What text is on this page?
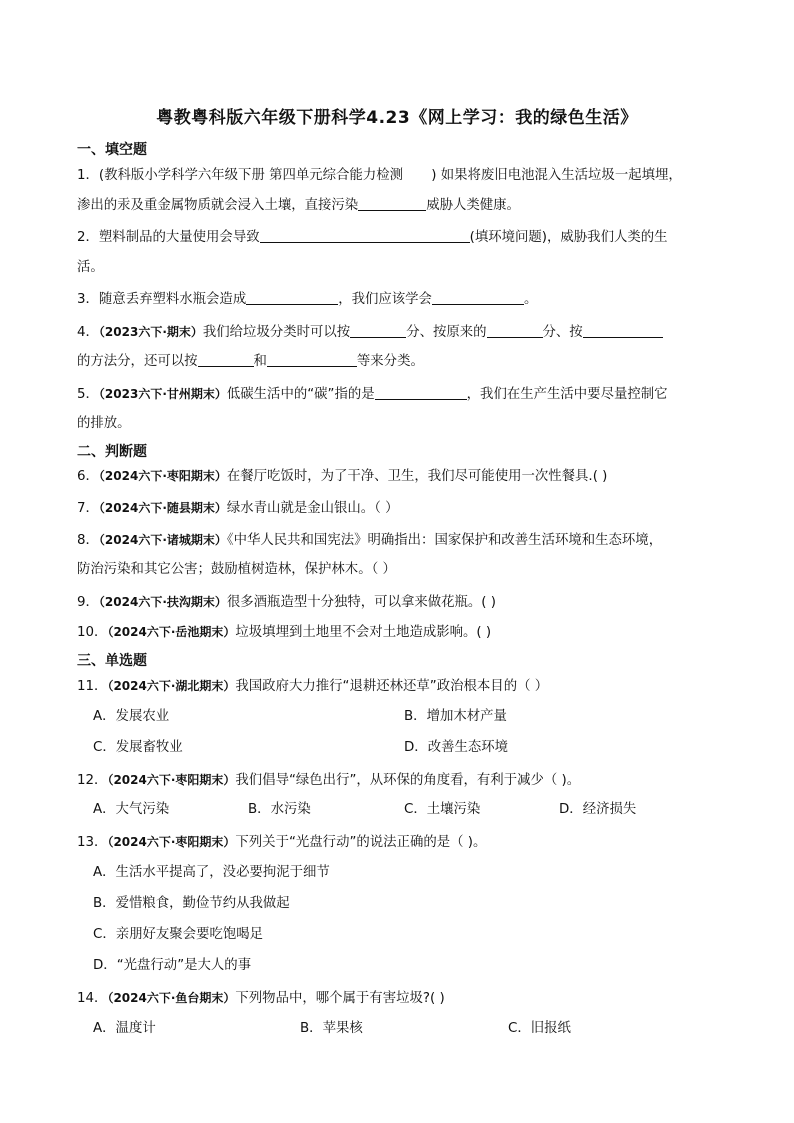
粤教粤科版六年级下册科学4.23《网上学习：我的绿色生活》
一、填空题
1．(教科版小学科学六年级下册 第四单元综合能力检测 ) 如果将废旧电池混入生活垃圾一起填埋，
渗出的汞及重金属物质就会浸入土壤，直接污染	威胁人类健康。
2．塑料制品的大量使用会导致	(填环境问题)，威胁我们人类的生
活。
3．随意丢弃塑料水瓶会造成	，我们应该学会	。
4．（2023六下·期末）我们给垃圾分类时可以按	分、按原来的	分、按
的方法分，还可以按	和	等来分类。
5．（2023六下·甘州期末）低碳生活中的“碳”指的是	，我们在生产生活中要尽量控制它
的排放。
二、判断题
6．（2024六下·枣阳期末）在餐厅吃饭时，为了干净、卫生，我们尽可能使用一次性餐具.( )
7．（2024六下·随县期末）绿水青山就是金山银山。（ ）
8．（2024六下·诸城期末）《中华人民共和国宪法》明确指出：国家保护和改善生活环境和生态环境，
防治污染和其它公害；鼓励植树造林，保护林木。（ ）
9．（2024六下·扶沟期末）很多酒瓶造型十分独特，可以拿来做花瓶。( )
10．（2024六下·岳池期末）垃圾填埋到土地里不会对土地造成影响。( )
三、单选题
11．（2024六下·湖北期末）我国政府大力推行“退耕还林还草”政治根本目的（ ）
A．发展农业	B．增加木材产量
C．发展畜牧业	D．改善生态环境
12．（2024六下·枣阳期末）我们倡导“绿色出行”，从环保的角度看，有利于减少（ )。
A．大气污染	B．水污染	C．土壤污染	D．经济损失
13．（2024六下·枣阳期末）下列关于“光盘行动”的说法正确的是（ )。
A．生活水平提高了，没必要拘泥于细节
B．爱惜粮食，勤俭节约从我做起
C．亲朋好友聚会要吃饱喝足
D．“光盘行动”是大人的事
14．（2024六下·鱼台期末）下列物品中，哪个属于有害垃圾?( )
A．温度计	B．苹果核	C．旧报纸
